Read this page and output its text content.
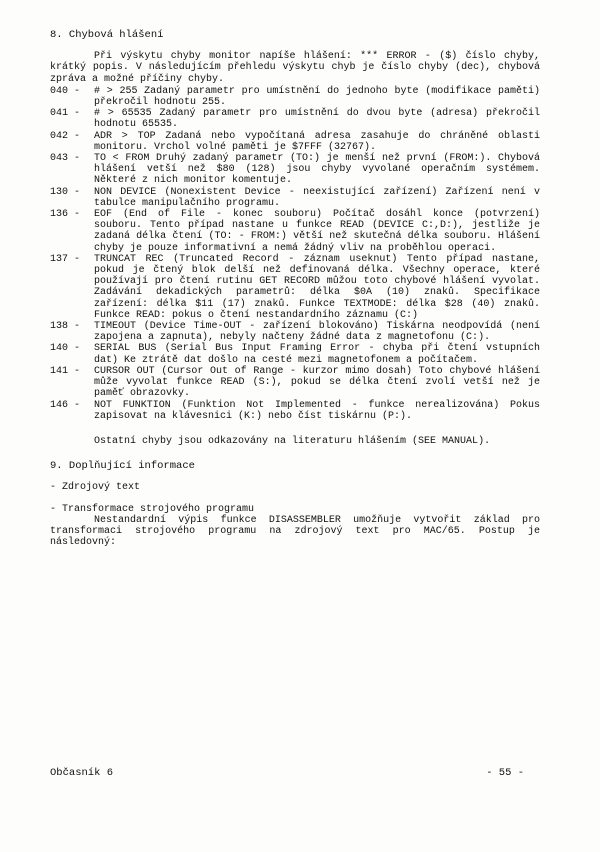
8. Chybová hlášení

Při výskytu chyby monitor napíše hlášení: *** ERROR - ($) číslo chyby, krátký popis. V následujícím přehledu výskytu chyb je číslo chyby (dec), chybová zpráva a možné příčiny chyby.

040 -	# > 255 Zadaný parametr pro umístnění do jednoho byte (modifikace paměti) překročil hodnotu 255.
041 -	# > 65535 Zadaný parametr pro umístnění do dvou byte (adresa) překročil hodnotu 65535.
042 -	ADR > TOP Zadaná nebo vypočítaná adresa zasahuje do chráněné oblasti monitoru. Vrchol volné paměti je $7FFF (32767).
043 -	TO < FROM Druhý zadaný parametr (TO:) je menší než první (FROM:). Chybová hlášení vetší než $80 (128) jsou chyby vyvolané operačním systémem. Některé z nich monitor komentuje.
130 -	NON DEVICE (Nonexistent Device - neexistující zařízení) Zařízení není v tabulce manipulačního programu.
136 -	EOF (End of File - konec souboru) Počítač dosáhl konce (potvrzení) souboru. Tento případ nastane u funkce READ (DEVICE C:,D:), jestliže je zadaná délka čtení (TO: - FROM:) větší než skutečná délka souboru. Hlášení chyby je pouze informativní a nemá žádný vliv na proběhlou operaci.
137 -	TRUNCAT REC (Truncated Record - záznam useknut) Tento případ nastane, pokud je čtený blok delší než definovaná délka. Všechny operace, které používají pro čtení rutinu GET RECORD můžou toto chybové hlášení vyvolat. Zadávání dekadických parametrů: délka $0A (10) znaků. Specifikace zařízení: délka $11 (17) znaků. Funkce TEXTMODE: délka $28 (40) znaků. Funkce READ: pokus o čtení nestandardního záznamu (C:)
138 -	TIMEOUT (Device Time-OUT - zařízení blokováno) Tiskárna neodpovídá (není zapojena a zapnuta), nebyly načteny žádné data z magnetofonu (C:).
140 -	SERIAL BUS (Serial Bus Input Framing Error - chyba při čtení vstupních dat) Ke ztrátě dat došlo na cesté mezi magnetofonem a počítačem.
141 -	CURSOR OUT (Cursor Out of Range - kurzor mimo dosah) Toto chybové hlášení může vyvolat funkce READ (S:), pokud se délka čtení zvolí vetší než je paměť obrazovky.
146 -	NOT FUNKTION (Funktion Not Implemented - funkce nerealizována) Pokus zapisovat na klávesnici (K:) nebo číst tiskárnu (P:).

Ostatní chyby jsou odkazovány na literaturu hlášením (SEE MANUAL).

9. Doplňující informace

- Zdrojový text

- Transformace strojového programu

Nestandardní výpis funkce DISASSEMBLER umožňuje vytvořit základ pro transformaci strojového programu na zdrojový text pro MAC/65. Postup je následovný:

Občasník 6	- 55 -
